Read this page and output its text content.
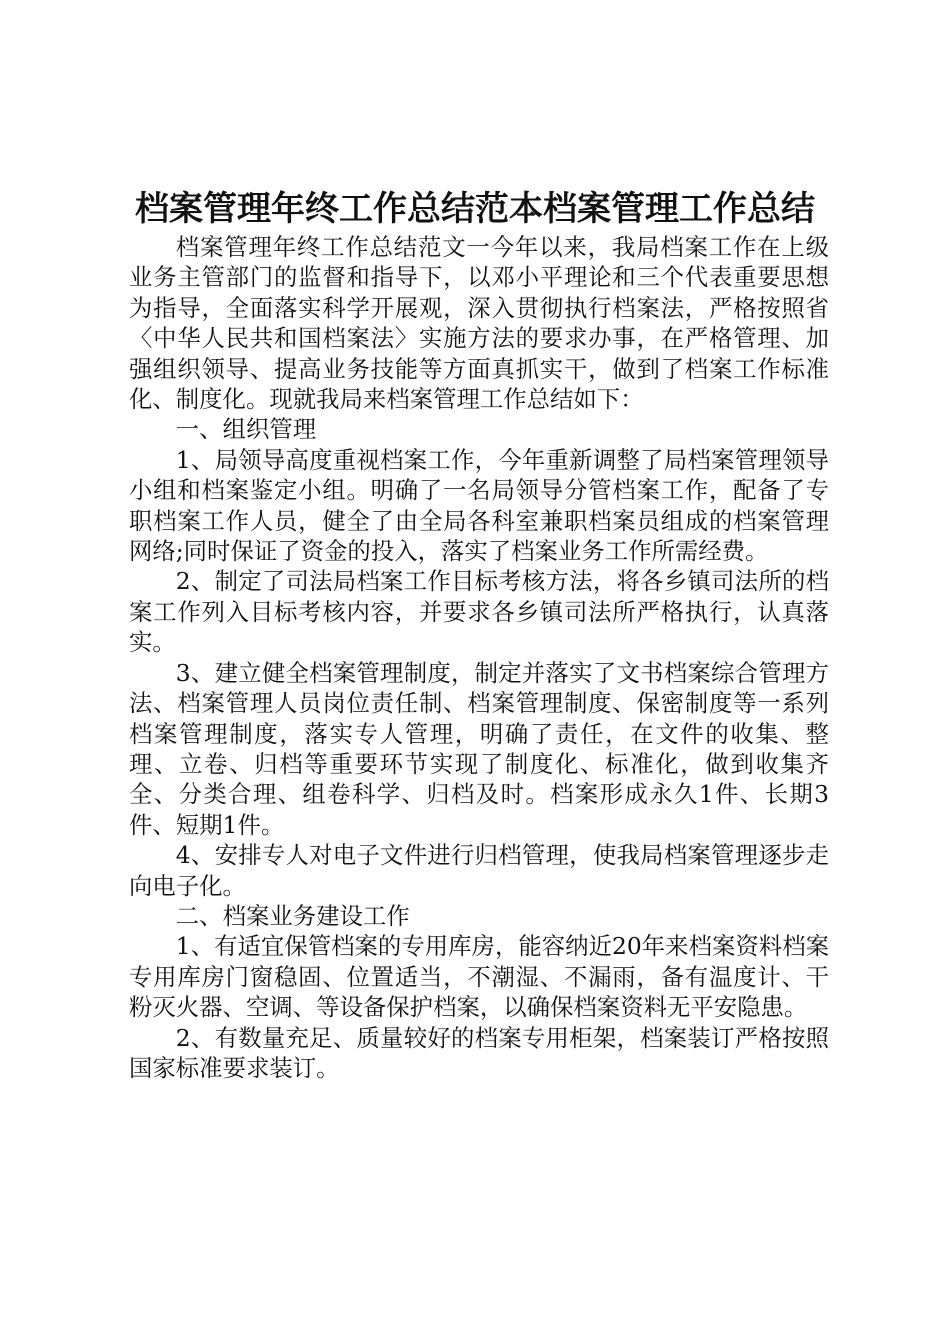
档案管理年终工作总结范本档案管理工作总结

档案管理年终工作总结范文一今年以来，我局档案工作在上级业务主管部门的监督和指导下，以邓小平理论和三个代表重要思想为指导，全面落实科学开展观，深入贯彻执行档案法，严格按照省〈中华人民共和国档案法〉实施方法的要求办事，在严格管理、加强组织领导、提高业务技能等方面真抓实干，做到了档案工作标准化、制度化。现就我局来档案管理工作总结如下：

一、组织管理

1、局领导高度重视档案工作，今年重新调整了局档案管理领导小组和档案鉴定小组。明确了一名局领导分管档案工作，配备了专职档案工作人员，健全了由全局各科室兼职档案员组成的档案管理网络;同时保证了资金的投入，落实了档案业务工作所需经费。

2、制定了司法局档案工作目标考核方法，将各乡镇司法所的档案工作列入目标考核内容，并要求各乡镇司法所严格执行，认真落实。

3、建立健全档案管理制度，制定并落实了文书档案综合管理方法、档案管理人员岗位责任制、档案管理制度、保密制度等一系列档案管理制度，落实专人管理，明确了责任，在文件的收集、整理、立卷、归档等重要环节实现了制度化、标准化，做到收集齐全、分类合理、组卷科学、归档及时。档案形成永久1件、长期3件、短期1件。

4、安排专人对电子文件进行归档管理，使我局档案管理逐步走向电子化。

二、档案业务建设工作

1、有适宜保管档案的专用库房，能容纳近20年来档案资料档案专用库房门窗稳固、位置适当，不潮湿、不漏雨，备有温度计、干粉灭火器、空调、等设备保护档案，以确保档案资料无平安隐患。

2、有数量充足、质量较好的档案专用柜架，档案装订严格按照国家标准要求装订。
